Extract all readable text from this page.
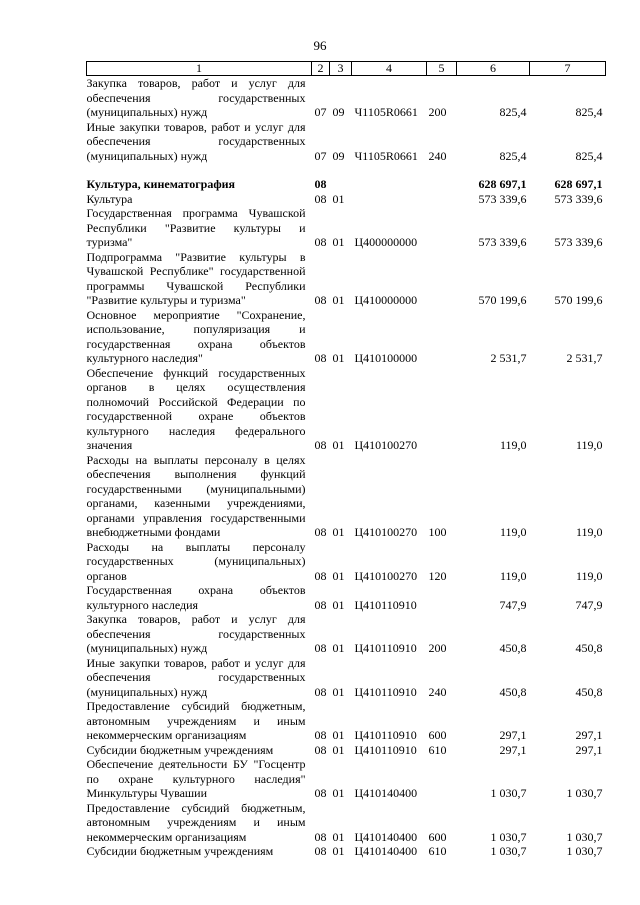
96
1	2	3	4	5	6	7
Закупка товаров, работ и услуг для обеспечения государственных (муниципальных) нужд	07	09	Ч1105R0661	200	825,4	825,4
Иные закупки товаров, работ и услуг для обеспечения государственных (муниципальных) нужд	07	09	Ч1105R0661	240	825,4	825,4

Культура, кинематография	08				628 697,1	628 697,1
Культура	08	01			573 339,6	573 339,6
Государственная программа Чувашской Республики "Развитие культуры и туризма"	08	01	Ц400000000		573 339,6	573 339,6
Подпрограмма "Развитие культуры в Чувашской Республике" государственной программы Чувашской Республики "Развитие культуры и туризма"	08	01	Ц410000000		570 199,6	570 199,6
Основное мероприятие "Сохранение, использование, популяризация и государственная охрана объектов культурного наследия"	08	01	Ц410100000		2 531,7	2 531,7
Обеспечение функций государственных органов в целях осуществления полномочий Российской Федерации по государственной охране объектов культурного наследия федерального значения	08	01	Ц410100270		119,0	119,0
Расходы на выплаты персоналу в целях обеспечения выполнения функций государственными (муниципальными) органами, казенными учреждениями, органами управления государственными внебюджетными фондами	08	01	Ц410100270	100	119,0	119,0
Расходы на выплаты персоналу государственных (муниципальных) органов	08	01	Ц410100270	120	119,0	119,0
Государственная охрана объектов культурного наследия	08	01	Ц410110910		747,9	747,9
Закупка товаров, работ и услуг для обеспечения государственных (муниципальных) нужд	08	01	Ц410110910	200	450,8	450,8
Иные закупки товаров, работ и услуг для обеспечения государственных (муниципальных) нужд	08	01	Ц410110910	240	450,8	450,8
Предоставление субсидий бюджетным, автономным учреждениям и иным некоммерческим организациям	08	01	Ц410110910	600	297,1	297,1
Субсидии бюджетным учреждениям	08	01	Ц410110910	610	297,1	297,1
Обеспечение деятельности БУ "Госцентр по охране культурного наследия" Минкультуры Чувашии	08	01	Ц410140400		1 030,7	1 030,7
Предоставление субсидий бюджетным, автономным учреждениям и иным некоммерческим организациям	08	01	Ц410140400	600	1 030,7	1 030,7
Субсидии бюджетным учреждениям	08	01	Ц410140400	610	1 030,7	1 030,7
